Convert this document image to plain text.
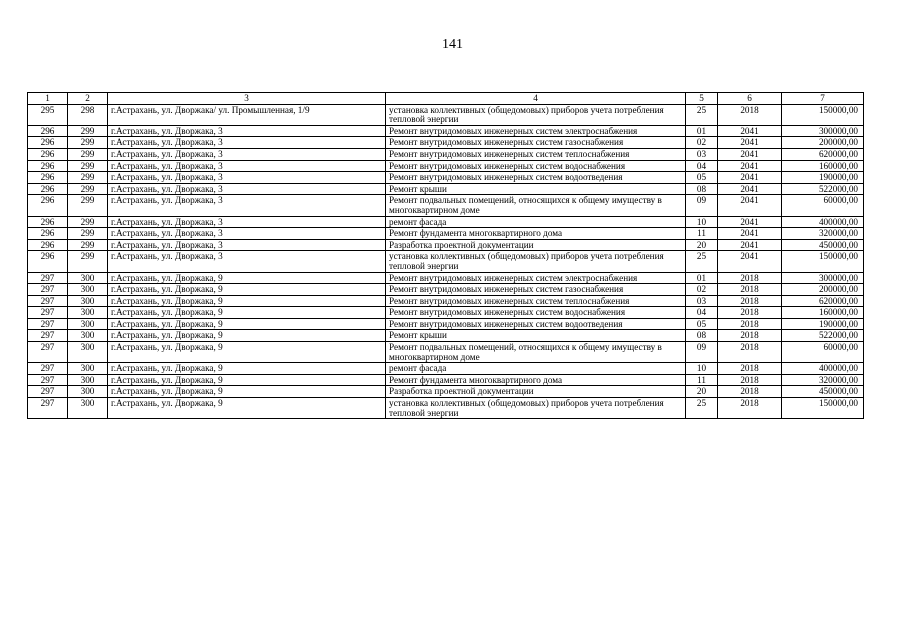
141
1	2	3	4	5	6	7
295	298	г.Астрахань, ул. Дворжака/ ул. Промышленная, 1/9	установка коллективных (общедомовых) приборов учета потребления тепловой энергии	25	2018	150000,00
296	299	г.Астрахань, ул. Дворжака, 3	Ремонт внутридомовых инженерных систем электроснабжения	01	2041	300000,00
296	299	г.Астрахань, ул. Дворжака, 3	Ремонт внутридомовых инженерных систем газоснабжения	02	2041	200000,00
296	299	г.Астрахань, ул. Дворжака, 3	Ремонт внутридомовых инженерных систем теплоснабжения	03	2041	620000,00
296	299	г.Астрахань, ул. Дворжака, 3	Ремонт внутридомовых инженерных систем водоснабжения	04	2041	160000,00
296	299	г.Астрахань, ул. Дворжака, 3	Ремонт внутридомовых инженерных систем водоотведения	05	2041	190000,00
296	299	г.Астрахань, ул. Дворжака, 3	Ремонт крыши	08	2041	522000,00
296	299	г.Астрахань, ул. Дворжака, 3	Ремонт подвальных помещений, относящихся к общему имуществу в многоквартирном доме	09	2041	60000,00
296	299	г.Астрахань, ул. Дворжака, 3	ремонт фасада	10	2041	400000,00
296	299	г.Астрахань, ул. Дворжака, 3	Ремонт фундамента многоквартирного дома	11	2041	320000,00
296	299	г.Астрахань, ул. Дворжака, 3	Разработка проектной документации	20	2041	450000,00
296	299	г.Астрахань, ул. Дворжака, 3	установка коллективных (общедомовых) приборов учета потребления тепловой энергии	25	2041	150000,00
297	300	г.Астрахань, ул. Дворжака, 9	Ремонт внутридомовых инженерных систем электроснабжения	01	2018	300000,00
297	300	г.Астрахань, ул. Дворжака, 9	Ремонт внутридомовых инженерных систем газоснабжения	02	2018	200000,00
297	300	г.Астрахань, ул. Дворжака, 9	Ремонт внутридомовых инженерных систем теплоснабжения	03	2018	620000,00
297	300	г.Астрахань, ул. Дворжака, 9	Ремонт внутридомовых инженерных систем водоснабжения	04	2018	160000,00
297	300	г.Астрахань, ул. Дворжака, 9	Ремонт внутридомовых инженерных систем водоотведения	05	2018	190000,00
297	300	г.Астрахань, ул. Дворжака, 9	Ремонт крыши	08	2018	522000,00
297	300	г.Астрахань, ул. Дворжака, 9	Ремонт подвальных помещений, относящихся к общему имуществу в многоквартирном доме	09	2018	60000,00
297	300	г.Астрахань, ул. Дворжака, 9	ремонт фасада	10	2018	400000,00
297	300	г.Астрахань, ул. Дворжака, 9	Ремонт фундамента многоквартирного дома	11	2018	320000,00
297	300	г.Астрахань, ул. Дворжака, 9	Разработка проектной документации	20	2018	450000,00
297	300	г.Астрахань, ул. Дворжака, 9	установка коллективных (общедомовых) приборов учета потребления тепловой энергии	25	2018	150000,00
